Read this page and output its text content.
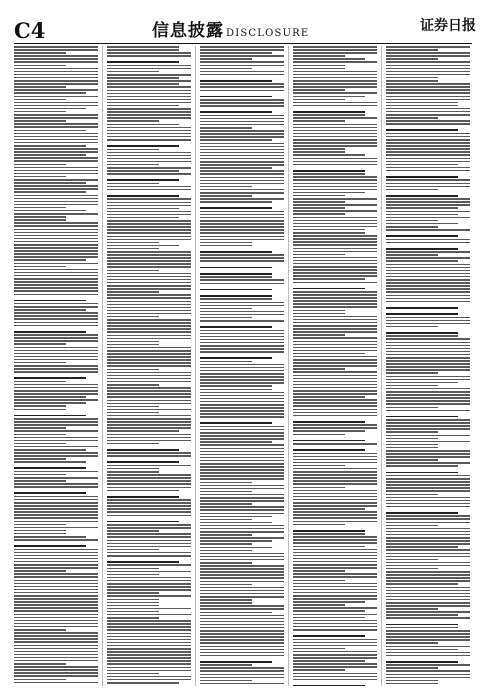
C4	信息披露 DISCLOSURE	证券日报
